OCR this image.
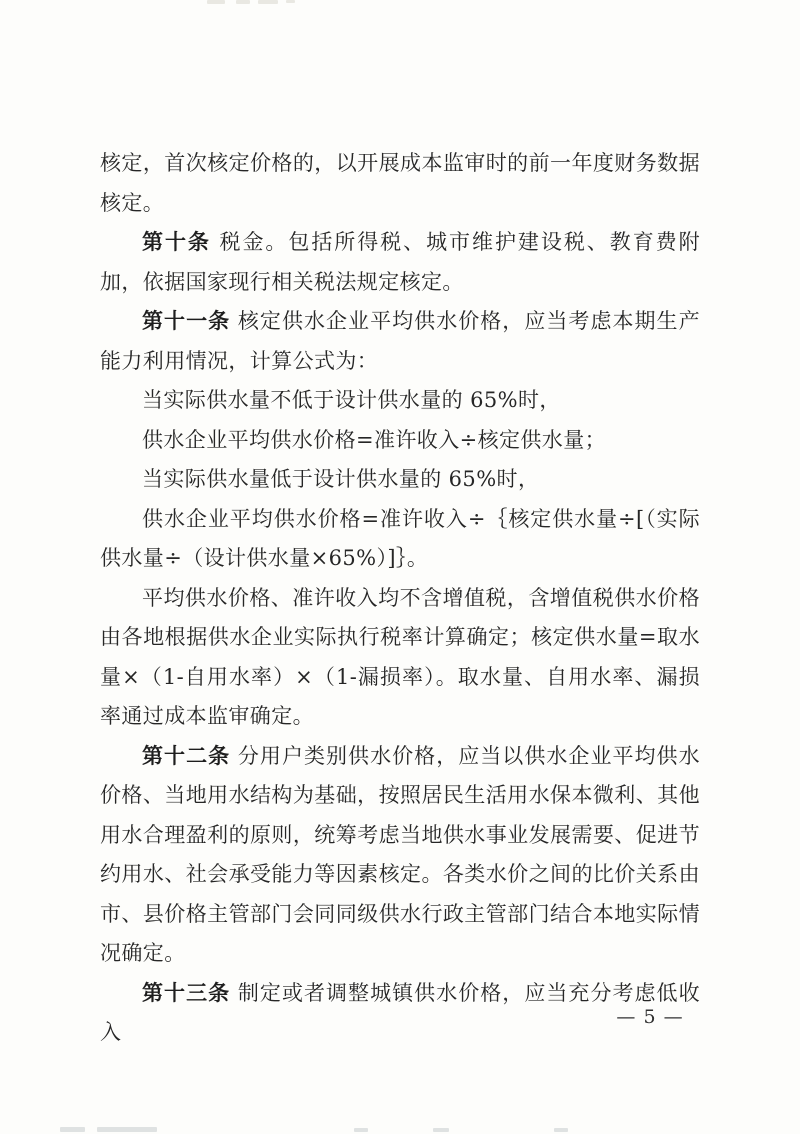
核定，首次核定价格的，以开展成本监审时的前一年度财务数据核定。

第十条 税金。包括所得税、城市维护建设税、教育费附加，依据国家现行相关税法规定核定。

第十一条 核定供水企业平均供水价格，应当考虑本期生产能力利用情况，计算公式为：

当实际供水量不低于设计供水量的 65%时，

供水企业平均供水价格=准许收入÷核定供水量；

当实际供水量低于设计供水量的 65%时，

供水企业平均供水价格=准许收入÷｛核定供水量÷[（实际供水量÷（设计供水量×65%）]｝。

平均供水价格、准许收入均不含增值税，含增值税供水价格由各地根据供水企业实际执行税率计算确定；核定供水量=取水量×（1-自用水率）×（1-漏损率）。取水量、自用水率、漏损率通过成本监审确定。

第十二条 分用户类别供水价格，应当以供水企业平均供水价格、当地用水结构为基础，按照居民生活用水保本微利、其他用水合理盈利的原则，统筹考虑当地供水事业发展需要、促进节约用水、社会承受能力等因素核定。各类水价之间的比价关系由市、县价格主管部门会同同级供水行政主管部门结合本地实际情况确定。

第十三条 制定或者调整城镇供水价格，应当充分考虑低收入

— 5 —
